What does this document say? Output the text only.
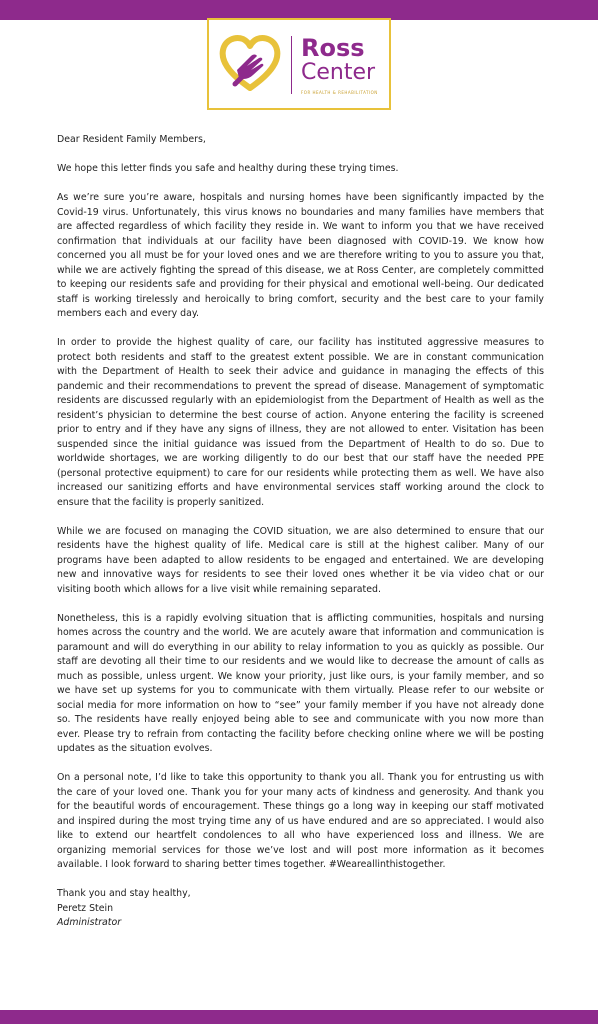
Ross
Center
FOR HEALTH & REHABILITATION

Dear Resident Family Members,

We hope this letter finds you safe and healthy during these trying times.

As we’re sure you’re aware, hospitals and nursing homes have been significantly impacted by the Covid-19 virus. Unfortunately, this virus knows no boundaries and many families have members that are affected regardless of which facility they reside in. We want to inform you that we have received confirmation that individuals at our facility have been diagnosed with COVID-19. We know how concerned you all must be for your loved ones and we are therefore writing to you to assure you that, while we are actively fighting the spread of this disease, we at Ross Center, are completely committed to keeping our residents safe and providing for their physical and emotional well-being. Our dedicated staff is working tirelessly and heroically to bring comfort, security and the best care to your family members each and every day.

In order to provide the highest quality of care, our facility has instituted aggressive measures to protect both residents and staff to the greatest extent possible. We are in constant communication with the Department of Health to seek their advice and guidance in managing the effects of this pandemic and their recommendations to prevent the spread of disease. Management of symptomatic residents are discussed regularly with an epidemiologist from the Department of Health as well as the resident’s physician to determine the best course of action. Anyone entering the facility is screened prior to entry and if they have any signs of illness, they are not allowed to enter. Visitation has been suspended since the initial guidance was issued from the Department of Health to do so. Due to worldwide shortages, we are working diligently to do our best that our staff have the needed PPE (personal protective equipment) to care for our residents while protecting them as well. We have also increased our sanitizing efforts and have environmental services staff working around the clock to ensure that the facility is properly sanitized.

While we are focused on managing the COVID situation, we are also determined to ensure that our residents have the highest quality of life. Medical care is still at the highest caliber. Many of our programs have been adapted to allow residents to be engaged and entertained. We are developing new and innovative ways for residents to see their loved ones whether it be via video chat or our visiting booth which allows for a live visit while remaining separated.

Nonetheless, this is a rapidly evolving situation that is afflicting communities, hospitals and nursing homes across the country and the world. We are acutely aware that information and communication is paramount and will do everything in our ability to relay information to you as quickly as possible. Our staff are devoting all their time to our residents and we would like to decrease the amount of calls as much as possible, unless urgent. We know your priority, just like ours, is your family member, and so we have set up systems for you to communicate with them virtually. Please refer to our website or social media for more information on how to “see” your family member if you have not already done so. The residents have really enjoyed being able to see and communicate with you now more than ever. Please try to refrain from contacting the facility before checking online where we will be posting updates as the situation evolves.

On a personal note, I’d like to take this opportunity to thank you all. Thank you for entrusting us with the care of your loved one. Thank you for your many acts of kindness and generosity. And thank you for the beautiful words of encouragement. These things go a long way in keeping our staff motivated and inspired during the most trying time any of us have endured and are so appreciated. I would also like to extend our heartfelt condolences to all who have experienced loss and illness. We are organizing memorial services for those we’ve lost and will post more information as it becomes available. I look forward to sharing better times together. #Weareallinthistogether.

Thank you and stay healthy,
Peretz Stein
Administrator
